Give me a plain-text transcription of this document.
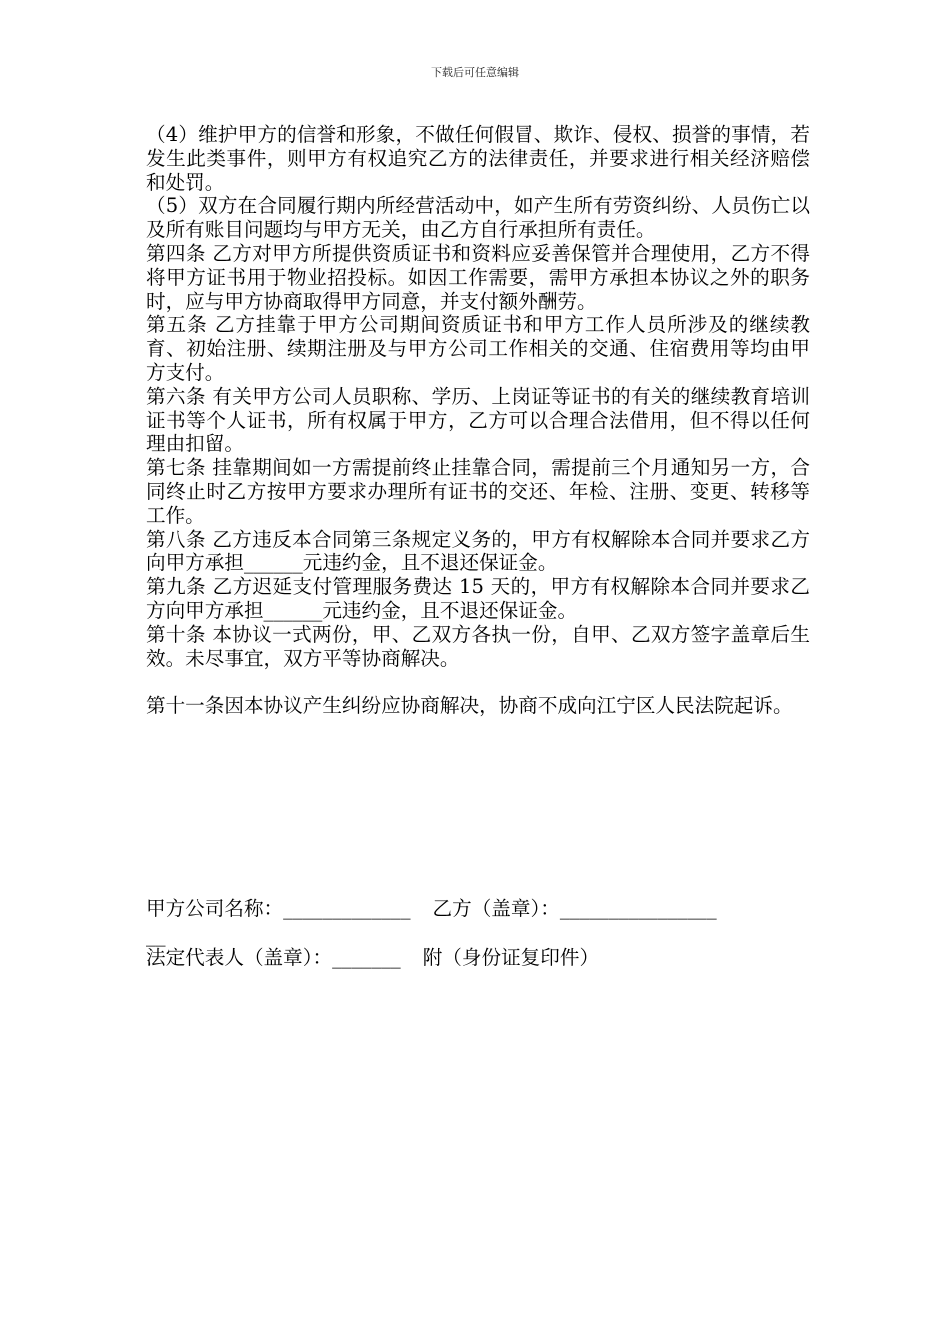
下载后可任意编辑

（4）维护甲方的信誉和形象，不做任何假冒、欺诈、侵权、损誉的事情，若发生此类事件，则甲方有权追究乙方的法律责任，并要求进行相关经济赔偿和处罚。

（5）双方在合同履行期内所经营活动中，如产生所有劳资纠纷、人员伤亡以及所有账目问题均与甲方无关，由乙方自行承担所有责任。

第四条 乙方对甲方所提供资质证书和资料应妥善保管并合理使用，乙方不得将甲方证书用于物业招投标。如因工作需要，需甲方承担本协议之外的职务时，应与甲方协商取得甲方同意，并支付额外酬劳。

第五条 乙方挂靠于甲方公司期间资质证书和甲方工作人员所涉及的继续教育、初始注册、续期注册及与甲方公司工作相关的交通、住宿费用等均由甲方支付。

第六条 有关甲方公司人员职称、学历、上岗证等证书的有关的继续教育培训证书等个人证书，所有权属于甲方，乙方可以合理合法借用，但不得以任何理由扣留。

第七条 挂靠期间如一方需提前终止挂靠合同，需提前三个月通知另一方，合同终止时乙方按甲方要求办理所有证书的交还、年检、注册、变更、转移等工作。

第八条 乙方违反本合同第三条规定义务的，甲方有权解除本合同并要求乙方向甲方承担______元违约金，且不退还保证金。

第九条 乙方迟延支付管理服务费达 15 天的，甲方有权解除本合同并要求乙方向甲方承担______元违约金，且不退还保证金。

第十条 本协议一式两份，甲、乙双方各执一份，自甲、乙双方签字盖章后生效。未尽事宜，双方平等协商解决。

第十一条因本协议产生纠纷应协商解决，协商不成向江宁区人民法院起诉。

甲方公司名称：_____________ 乙方（盖章）：________________
__
法定代表人（盖章）：_______ 附（身份证复印件）
